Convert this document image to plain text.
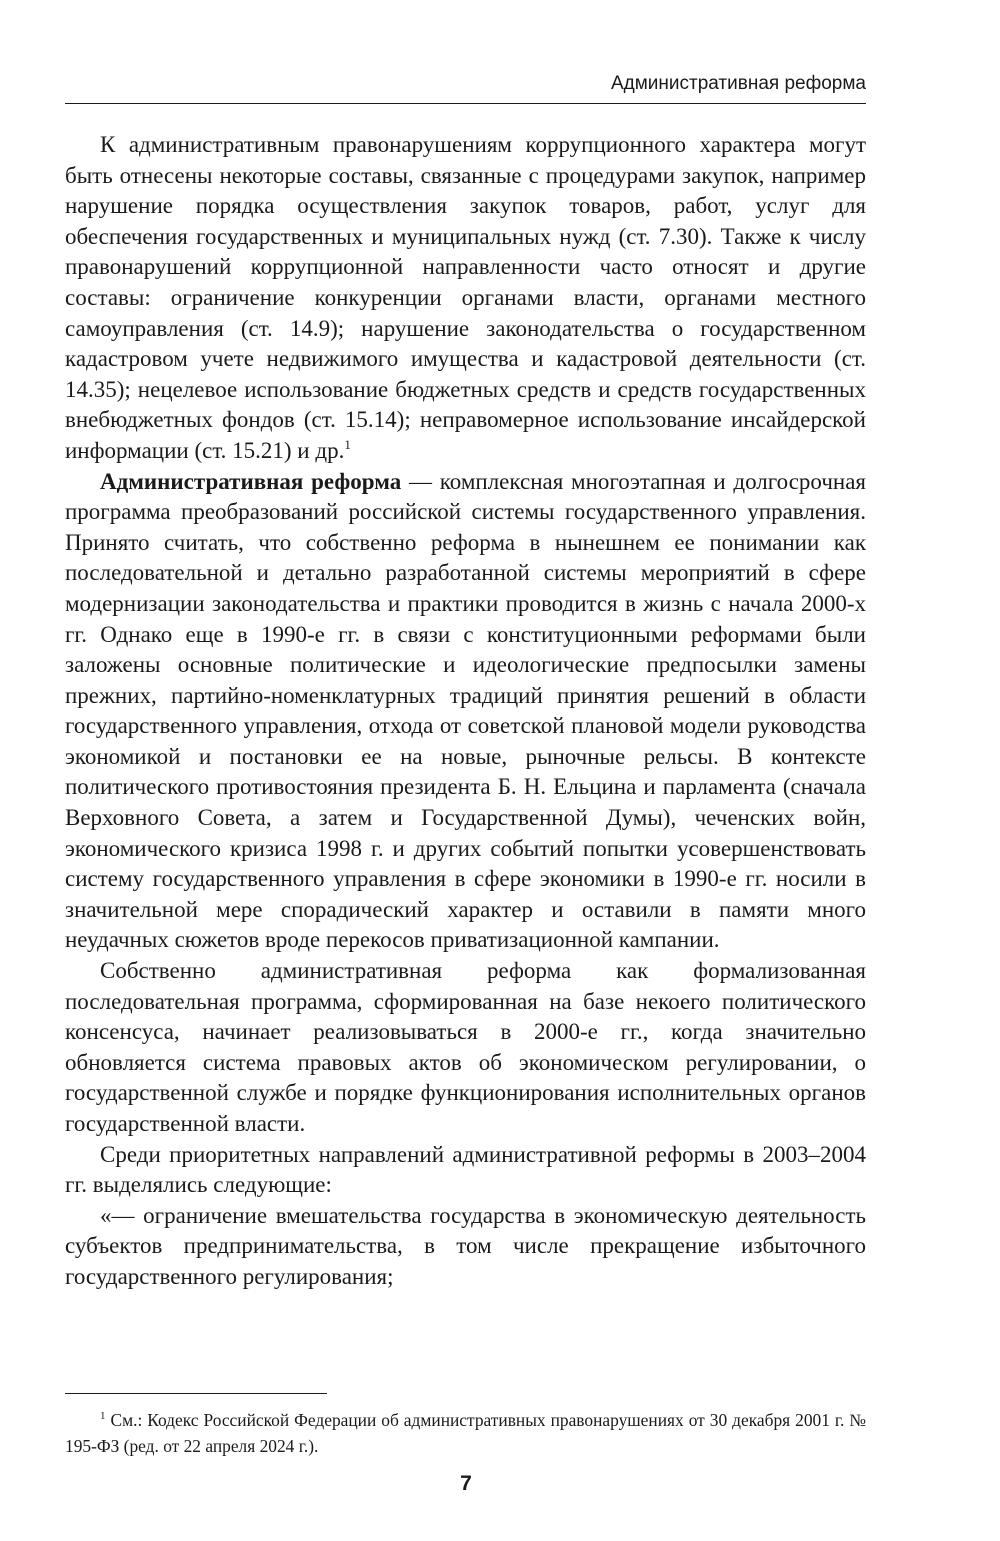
Административная реформа

К административным правонарушениям коррупционного характера могут быть отнесены некоторые составы, связанные с процедурами закупок, например нарушение порядка осуществления закупок товаров, работ, услуг для обеспечения государственных и муниципальных нужд (ст. 7.30). Также к числу правонарушений коррупционной направленности часто относят и другие составы: ограничение конкуренции органами власти, органами местного самоуправления (ст. 14.9); нарушение законодательства о государственном кадастровом учете недвижимого имущества и кадастровой деятельности (ст. 14.35); нецелевое использование бюджетных средств и средств государственных внебюджетных фондов (ст. 15.14); неправомерное использование инсайдерской информации (ст. 15.21) и др.$^1$

Административная реформа — комплексная многоэтапная и долгосрочная программа преобразований российской системы государственного управления. Принято считать, что собственно реформа в нынешнем ее понимании как последовательной и детально разработанной системы мероприятий в сфере модернизации законодательства и практики проводится в жизнь с начала 2000-х гг. Однако еще в 1990-е гг. в связи с конституционными реформами были заложены основные политические и идеологические предпосылки замены прежних, партийно-номенклатурных традиций принятия решений в области государственного управления, отхода от советской плановой модели руководства экономикой и постановки ее на новые, рыночные рельсы. В контексте политического противостояния президента Б. Н. Ельцина и парламента (сначала Верховного Совета, а затем и Государственной Думы), чеченских войн, экономического кризиса 1998 г. и других событий попытки усовершенствовать систему государственного управления в сфере экономики в 1990-е гг. носили в значительной мере спорадический характер и оставили в памяти много неудачных сюжетов вроде перекосов приватизационной кампании.

Собственно административная реформа как формализованная последовательная программа, сформированная на базе некоего политического консенсуса, начинает реализовываться в 2000-е гг., когда значительно обновляется система правовых актов об экономическом регулировании, о государственной службе и порядке функционирования исполнительных органов государственной власти.

Среди приоритетных направлений административной реформы в 2003–2004 гг. выделялись следующие:

«— ограничение вмешательства государства в экономическую деятельность субъектов предпринимательства, в том числе прекращение избыточного государственного регулирования;

$^1$ См.: Кодекс Российской Федерации об административных правонарушениях от 30 декабря 2001 г. № 195-ФЗ (ред. от 22 апреля 2024 г.).

7
